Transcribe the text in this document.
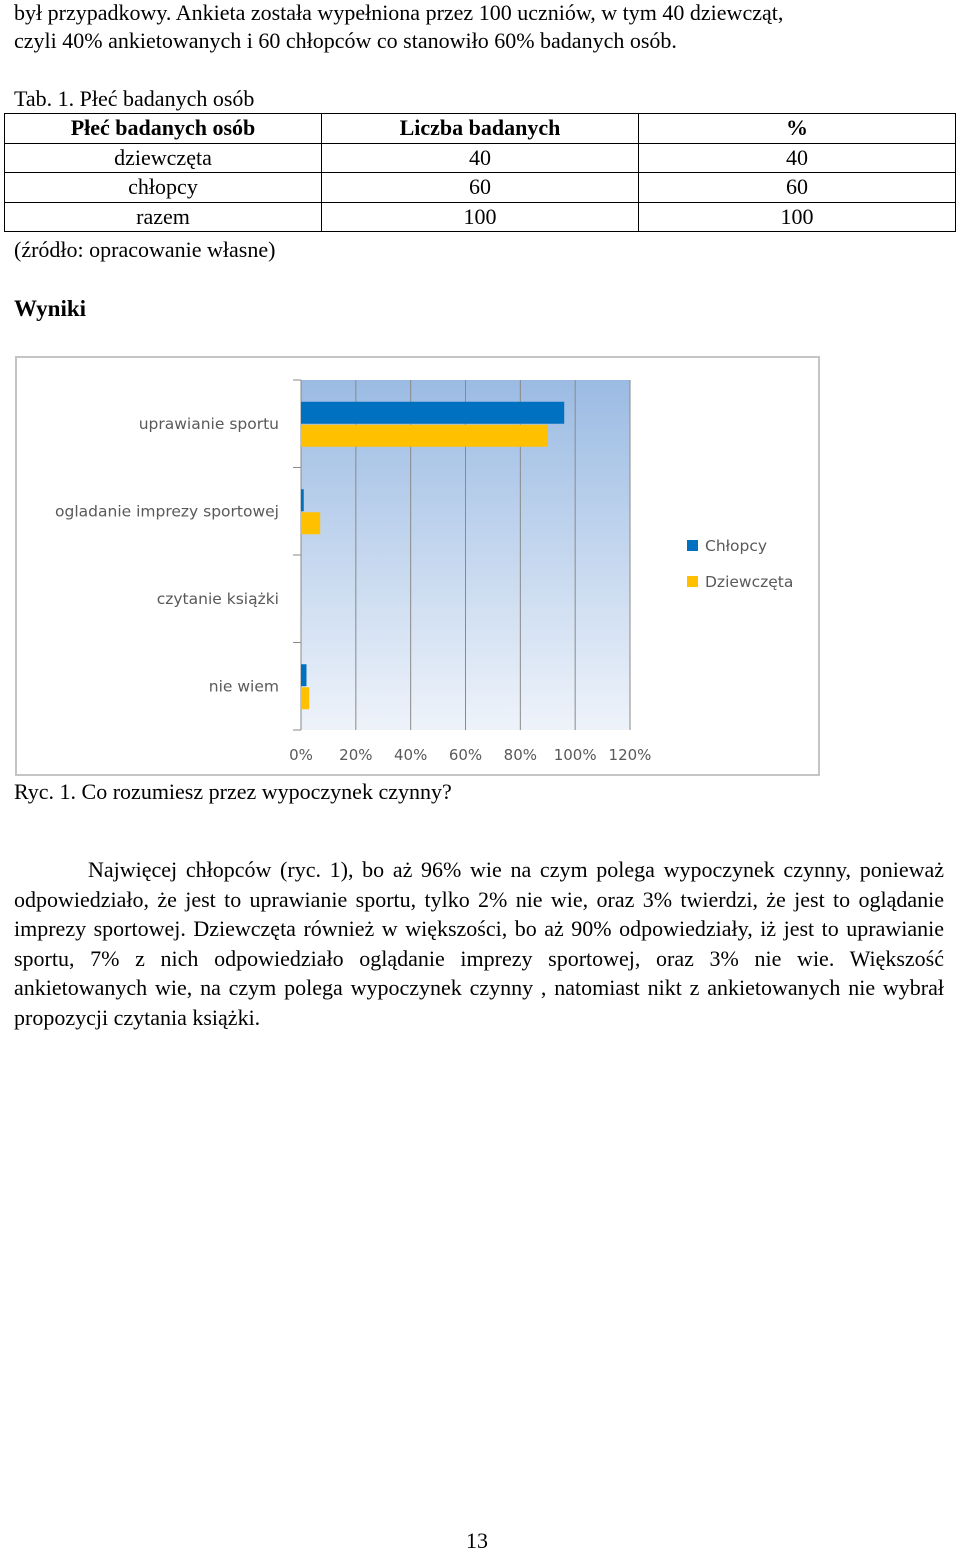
był przypadkowy. Ankieta została wypełniona przez 100 uczniów, w tym 40 dziewcząt,
czyli 40% ankietowanych i 60 chłopców co stanowiło 60% badanych osób.
Tab. 1. Płeć badanych osób
Płeć badanych osób	Liczba badanych	%
dziewczęta	40	40
chłopcy	60	60
razem	100	100
(źródło: opracowanie własne)
Wyniki
0% 20% 40% 60% 80% 100% 120%
uprawianie sportu
ogladanie imprezy sportowej
czytanie książki
nie wiem
Chłopcy
Dziewczęta
Ryc. 1. Co rozumiesz przez wypoczynek czynny?
Najwięcej chłopców (ryc. 1), bo aż 96% wie na czym polega wypoczynek czynny, ponieważ odpowiedziało, że jest to uprawianie sportu, tylko 2% nie wie, oraz 3% twierdzi, że jest to oglądanie imprezy sportowej. Dziewczęta również w większości, bo aż 90% odpowiedziały, iż jest to uprawianie sportu, 7% z nich odpowiedziało oglądanie imprezy sportowej, oraz 3% nie wie. Większość ankietowanych wie, na czym polega wypoczynek czynny , natomiast nikt z ankietowanych nie wybrał propozycji czytania książki.
13
